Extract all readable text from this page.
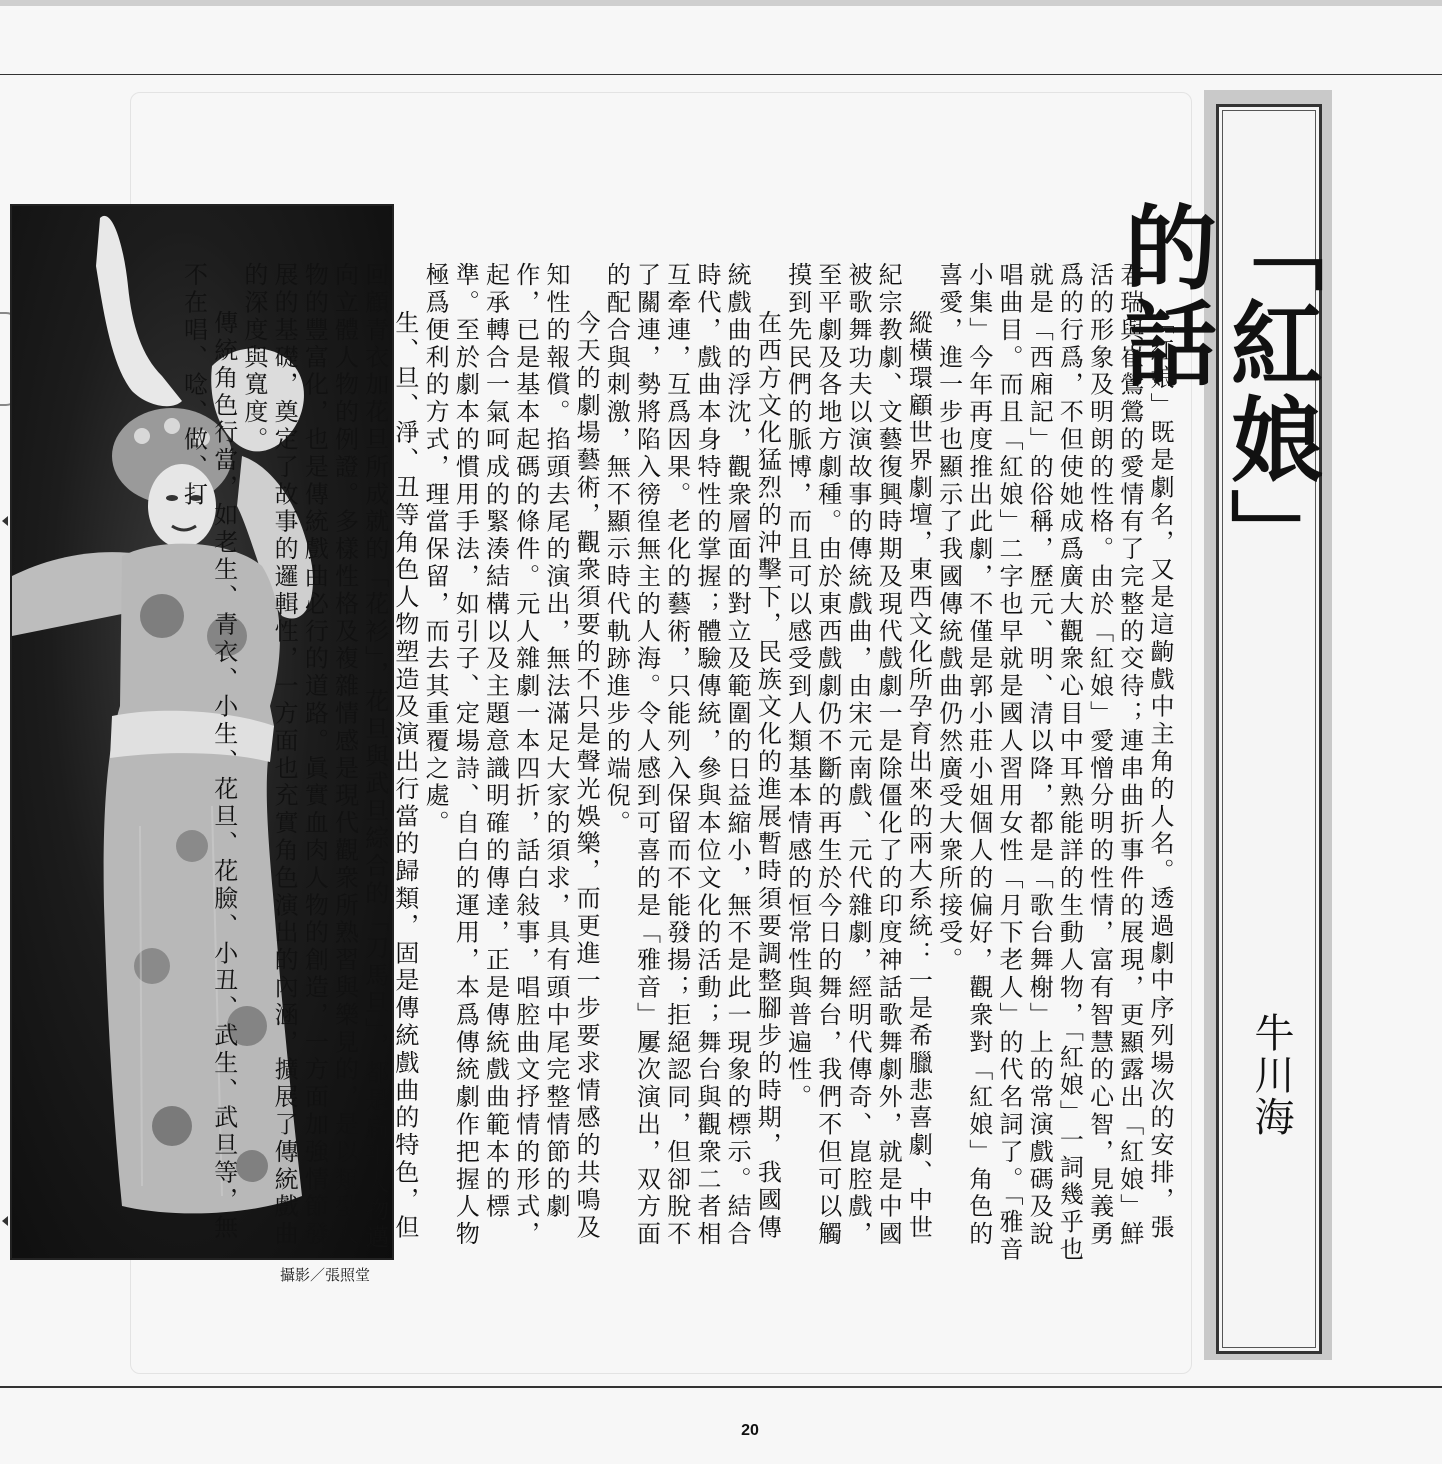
攝影／張照堂

「紅娘」既是劇名，又是這齣戲中主角的人名。透過劇中序列場次的安排，張君瑞與崔鶯鶯的愛情有了完整的交待；連串曲折事件的展現，更顯露出「紅娘」鮮活的形象及明朗的性格。由於「紅娘」愛憎分明的性情，富有智慧的心智，見義勇爲的行爲，不但使她成爲廣大觀衆心目中耳熟能詳的生動人物，「紅娘」一詞幾乎也就是「西廂記」的俗稱，歷元、明、清以降，都是「歌台舞榭」上的常演戲碼及說唱曲目。而且「紅娘」二字也早就是國人習用女性「月下老人」的代名詞了。「雅音小集」今年再度推出此劇，不僅是郭小莊小姐個人的偏好，觀衆對「紅娘」角色的喜愛，進一步也顯示了我國傳統戲曲仍然廣受大衆所接受。

縱橫環顧世界劇壇，東西文化所孕育出來的兩大系統：一是希臘悲喜劇、中世紀宗教劇、文藝復興時期及現代戲劇一是除僵化了的印度神話歌舞劇外，就是中國被歌舞功夫以演故事的傳統戲曲，由宋元南戲、元代雜劇，經明代傳奇、崑腔戲，至平劇及各地方劇種。由於東西戲劇仍不斷的再生於今日的舞台，我們不但可以觸摸到先民們的脈博，而且可以感受到人類基本情感的恒常性與普遍性。

在西方文化猛烈的沖擊下，民族文化的進展暫時須要調整腳步的時期，我國傳統戲曲的浮沈，觀衆層面的對立及範圍的日益縮小，無不是此一現象的標示。結合時代，戲曲本身特性的掌握；體驗傳統，參與本位文化的活動；舞台與觀衆二者相互牽連，互爲因果。老化的藝術，只能列入保留而不能發揚；拒絕認同，但卻脫不了關連，勢將陷入徬徨無主的人海。令人感到可喜的是「雅音」屢次演出，双方面的配合與刺激，無不顯示時代軌跡進步的端倪。

今天的劇場藝術，觀衆須要的不只是聲光娛樂，而更進一步要求情感的共鳴及知性的報償。掐頭去尾的演出，無法滿足大家的須求，具有頭中尾完整情節的劇作，已是基本起碼的條件。元人雜劇一本四折，話白敍事，唱腔曲文抒情的形式，起承轉合一氣呵成的緊湊結構以及主題意識明確的傳達，正是傳統戲曲範本的標準。至於劇本的慣用手法，如引子、定場詩、自白的運用，本爲傳統劇作把握人物極爲便利的方式，理當保留，而去其重覆之處。

生、旦、淨、丑等角色人物塑造及演出行當的歸類，固是傳統戲曲的特色，但回顧青衣加花旦所成就的「花衫」，花旦與武旦綜合的「刀馬旦」，都是扁平人物邁向立體人物的例證。多樣性格及複雜情感是現代觀衆所熟習與樂見的，是以類型人物的豐富化，也是傳統戲曲必行的道路。眞實血肉人物的創造，一方面加強情節發展的基礎，奠定了故事的邏輯性，一方面也充實角色演出的內涵，擴展了傳統戲曲的深度與寬度。

傳統角色行當，如老生、青衣、小生、花旦、花臉、小丑、武生、武旦等，無不在唱、唸、做、打	「紅娘」的話
牛川海
20
